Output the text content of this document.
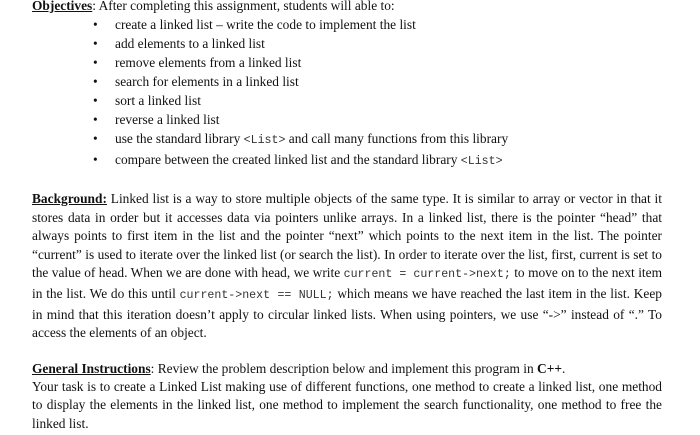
Objectives: After completing this assignment, students will able to:
• create a linked list – write the code to implement the list
• add elements to a linked list
• remove elements from a linked list
• search for elements in a linked list
• sort a linked list
• reverse a linked list
• use the standard library <List> and call many functions from this library
• compare between the created linked list and the standard library <List>
Background: Linked list is a way to store multiple objects of the same type. It is similar to array or vector in that it stores data in order but it accesses data via pointers unlike arrays. In a linked list, there is the pointer “head” that always points to first item in the list and the pointer “next” which points to the next item in the list. The pointer “current” is used to iterate over the linked list (or search the list). In order to iterate over the list, first, current is set to the value of head. When we are done with head, we write current = current->next; to move on to the next item in the list. We do this until current->next == NULL; which means we have reached the last item in the list. Keep in mind that this iteration doesn’t apply to circular linked lists. When using pointers, we use “->” instead of “.” To access the elements of an object.
General Instructions: Review the problem description below and implement this program in C++.
Your task is to create a Linked List making use of different functions, one method to create a linked list, one method to display the elements in the linked list, one method to implement the search functionality, one method to free the linked list.
